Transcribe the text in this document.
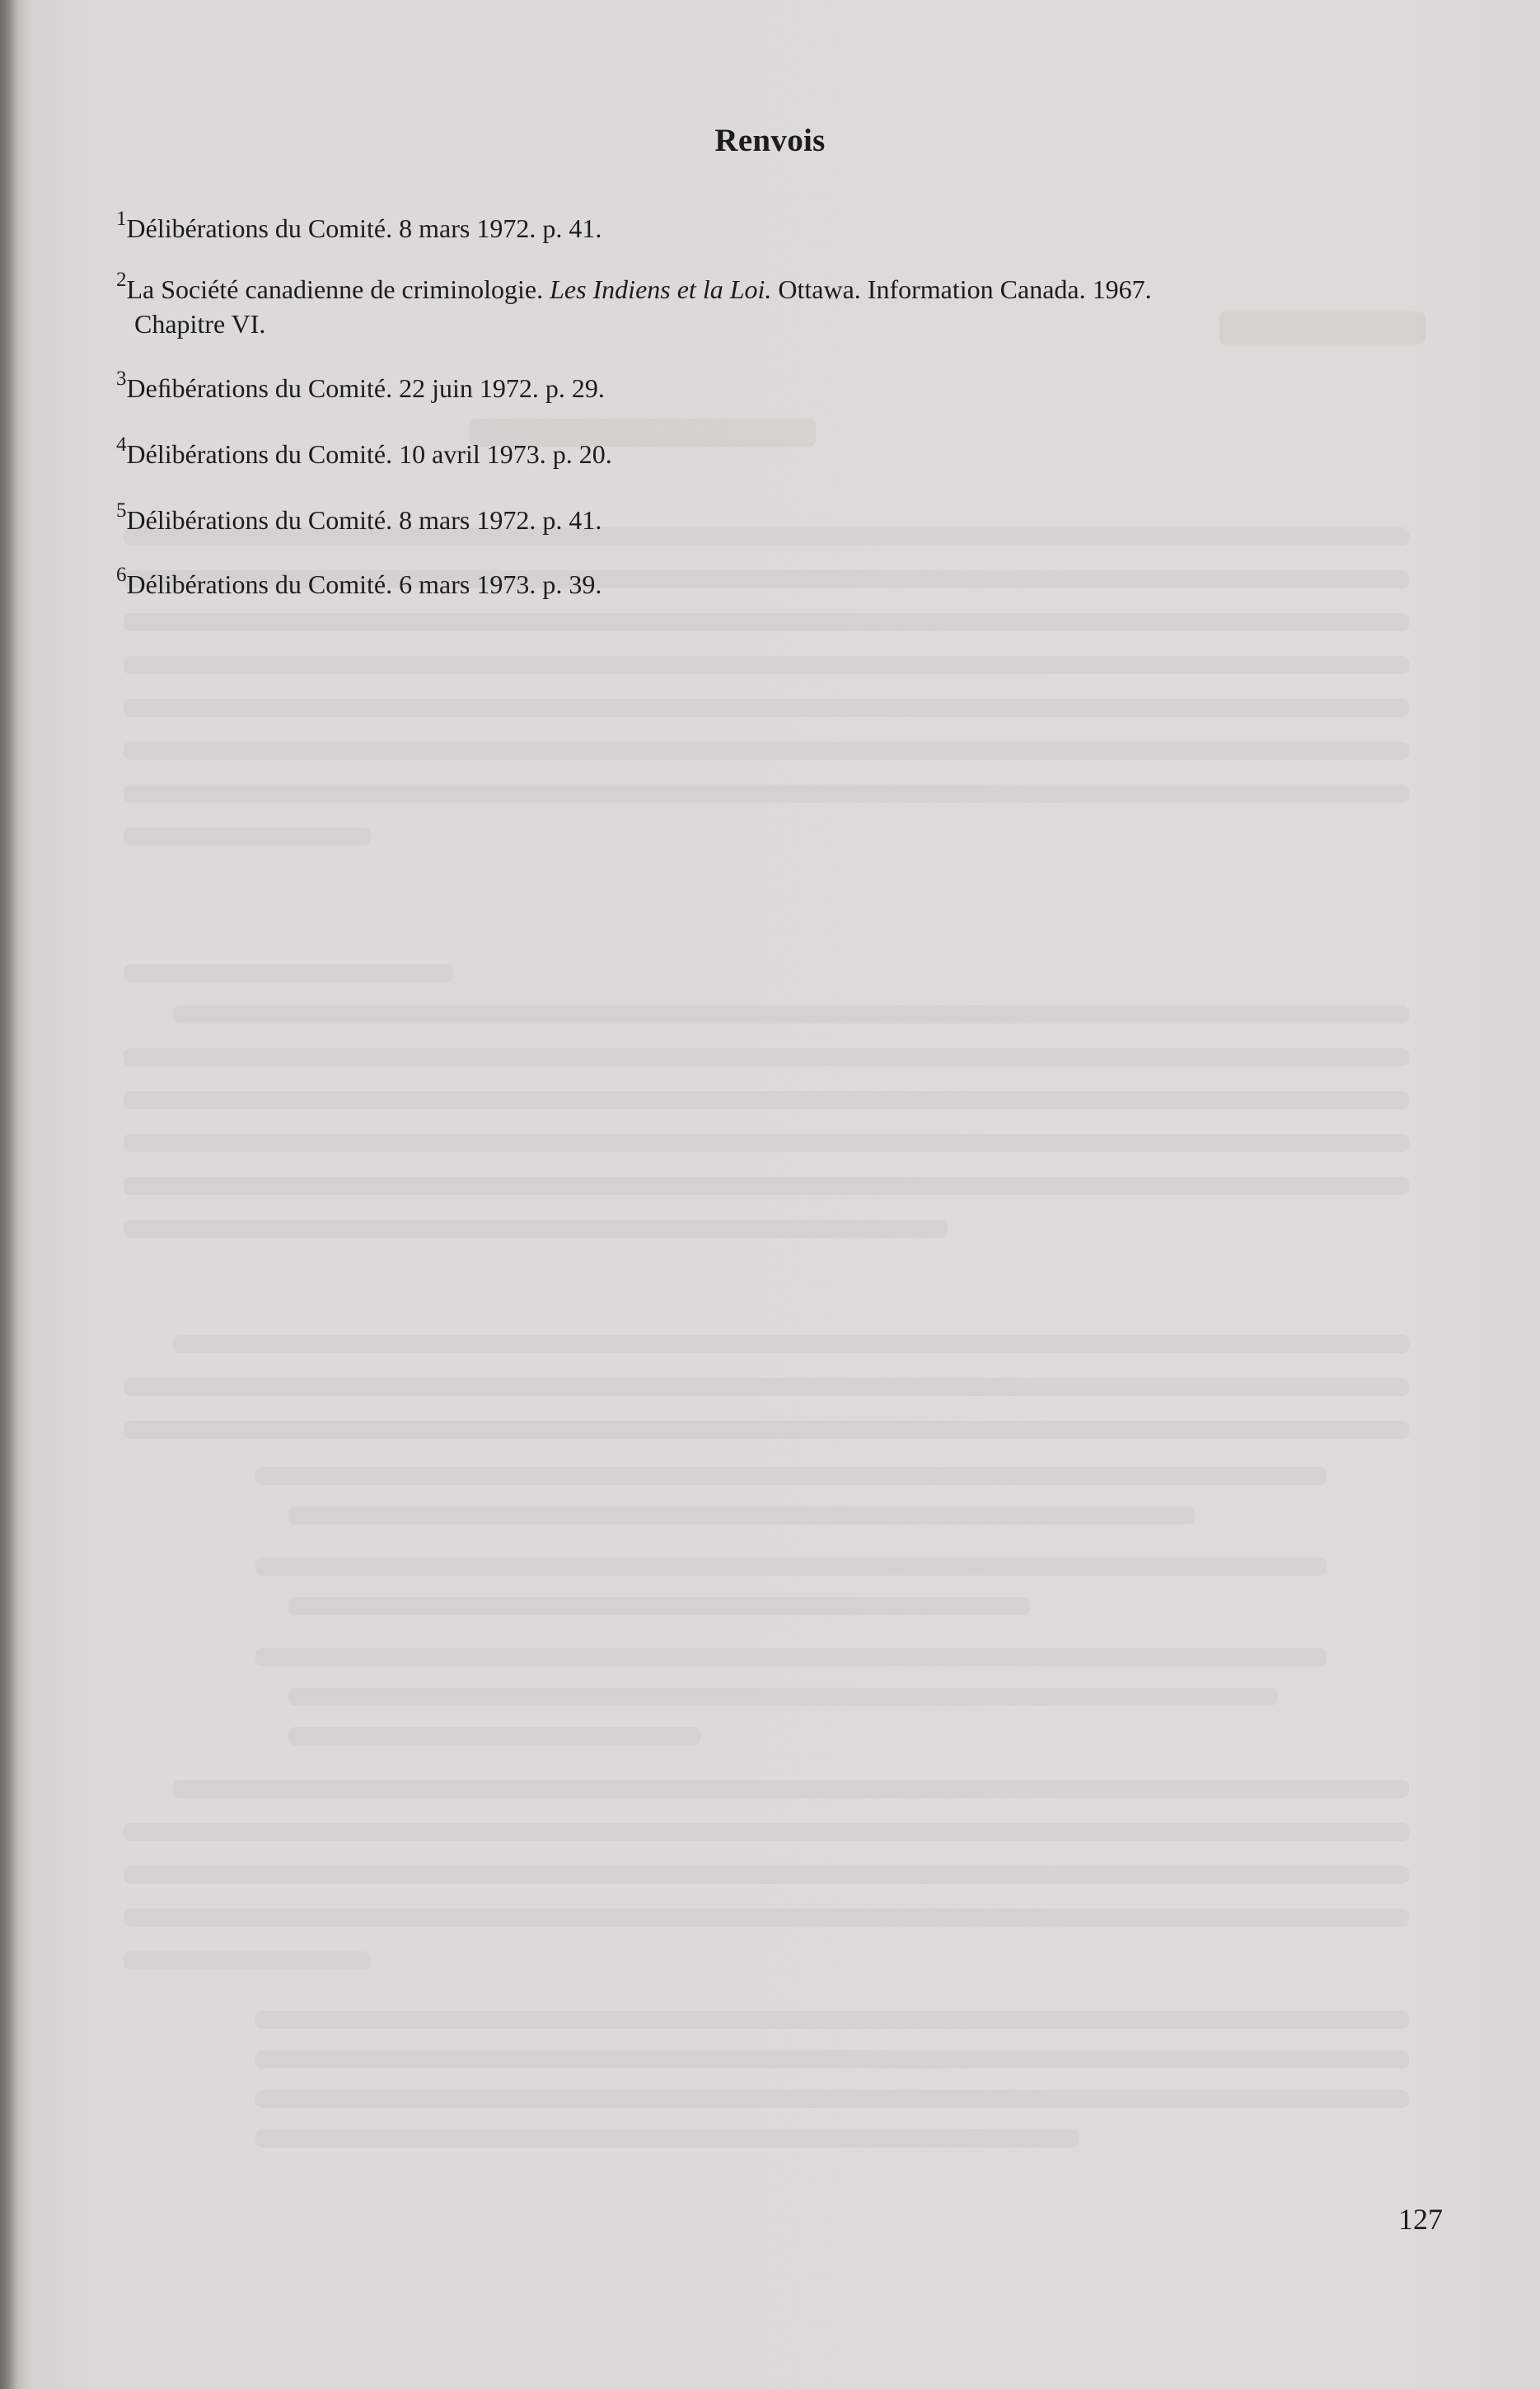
Renvois
$^1$Délibérations du Comité. 8 mars 1972. p. 41.
$^2$La Société canadienne de criminologie. Les Indiens et la Loi. Ottawa. Information Canada. 1967.
Chapitre VI.
$^3$Deﬁbérations du Comité. 22 juin 1972. p. 29.
$^4$Délibérations du Comité. 10 avril 1973. p. 20.
$^5$Délibérations du Comité. 8 mars 1972. p. 41.
$^6$Délibérations du Comité. 6 mars 1973. p. 39.
127
